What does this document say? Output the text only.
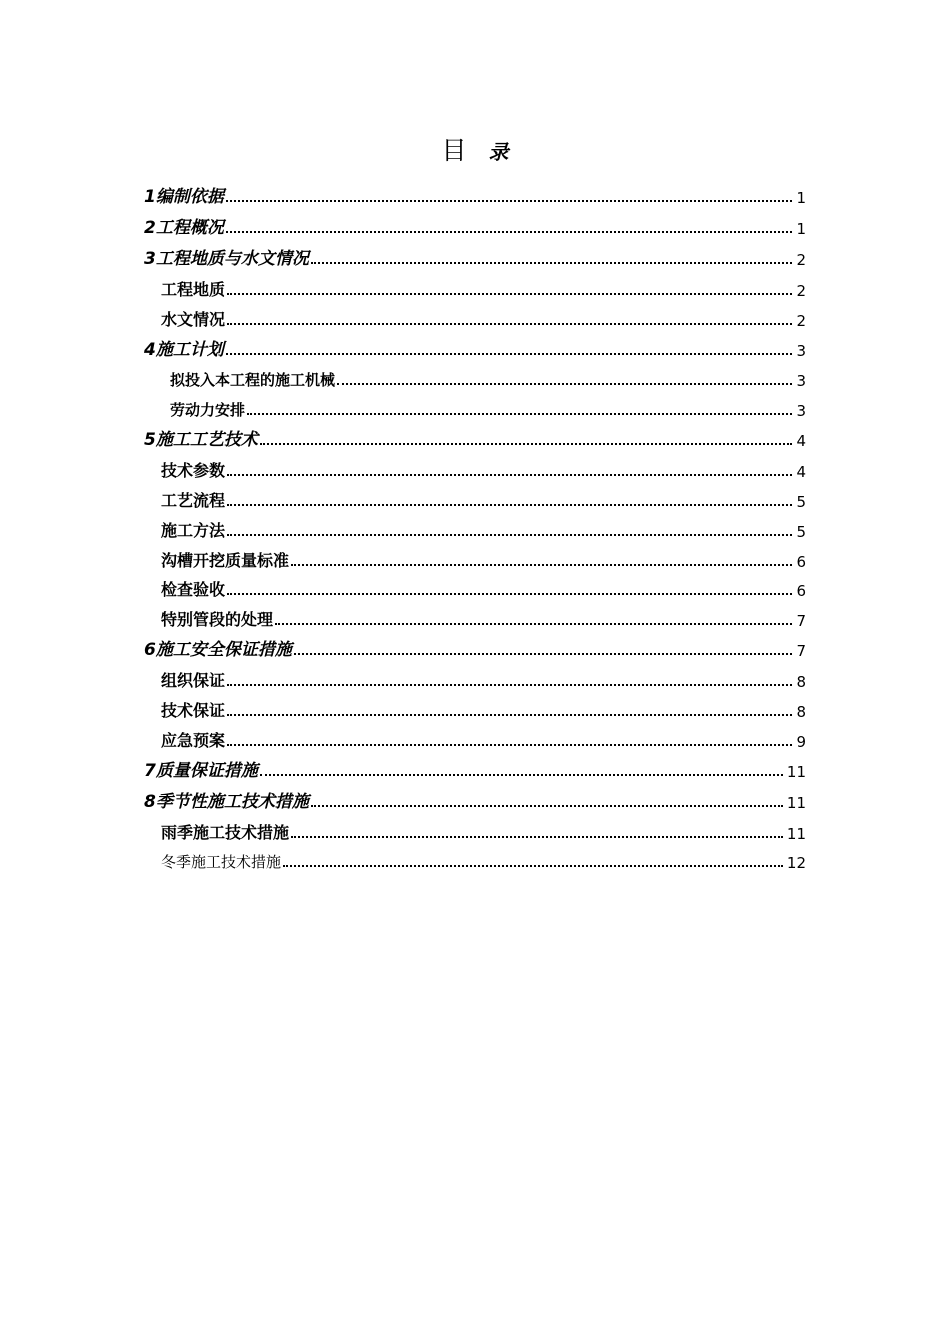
目 录
1编制依据	1
2工程概况	1
3工程地质与水文情况	2
工程地质	2
水文情况	2
4施工计划	3
拟投入本工程的施工机械	3
劳动力安排	3
5施工工艺技术	4
技术参数	4
工艺流程	5
施工方法	5
沟槽开挖质量标准	6
检查验收	6
特别管段的处理	7
6施工安全保证措施	7
组织保证	8
技术保证	8
应急预案	9
7质量保证措施	11
8季节性施工技术措施	11
雨季施工技术措施	11
冬季施工技术措施	12
